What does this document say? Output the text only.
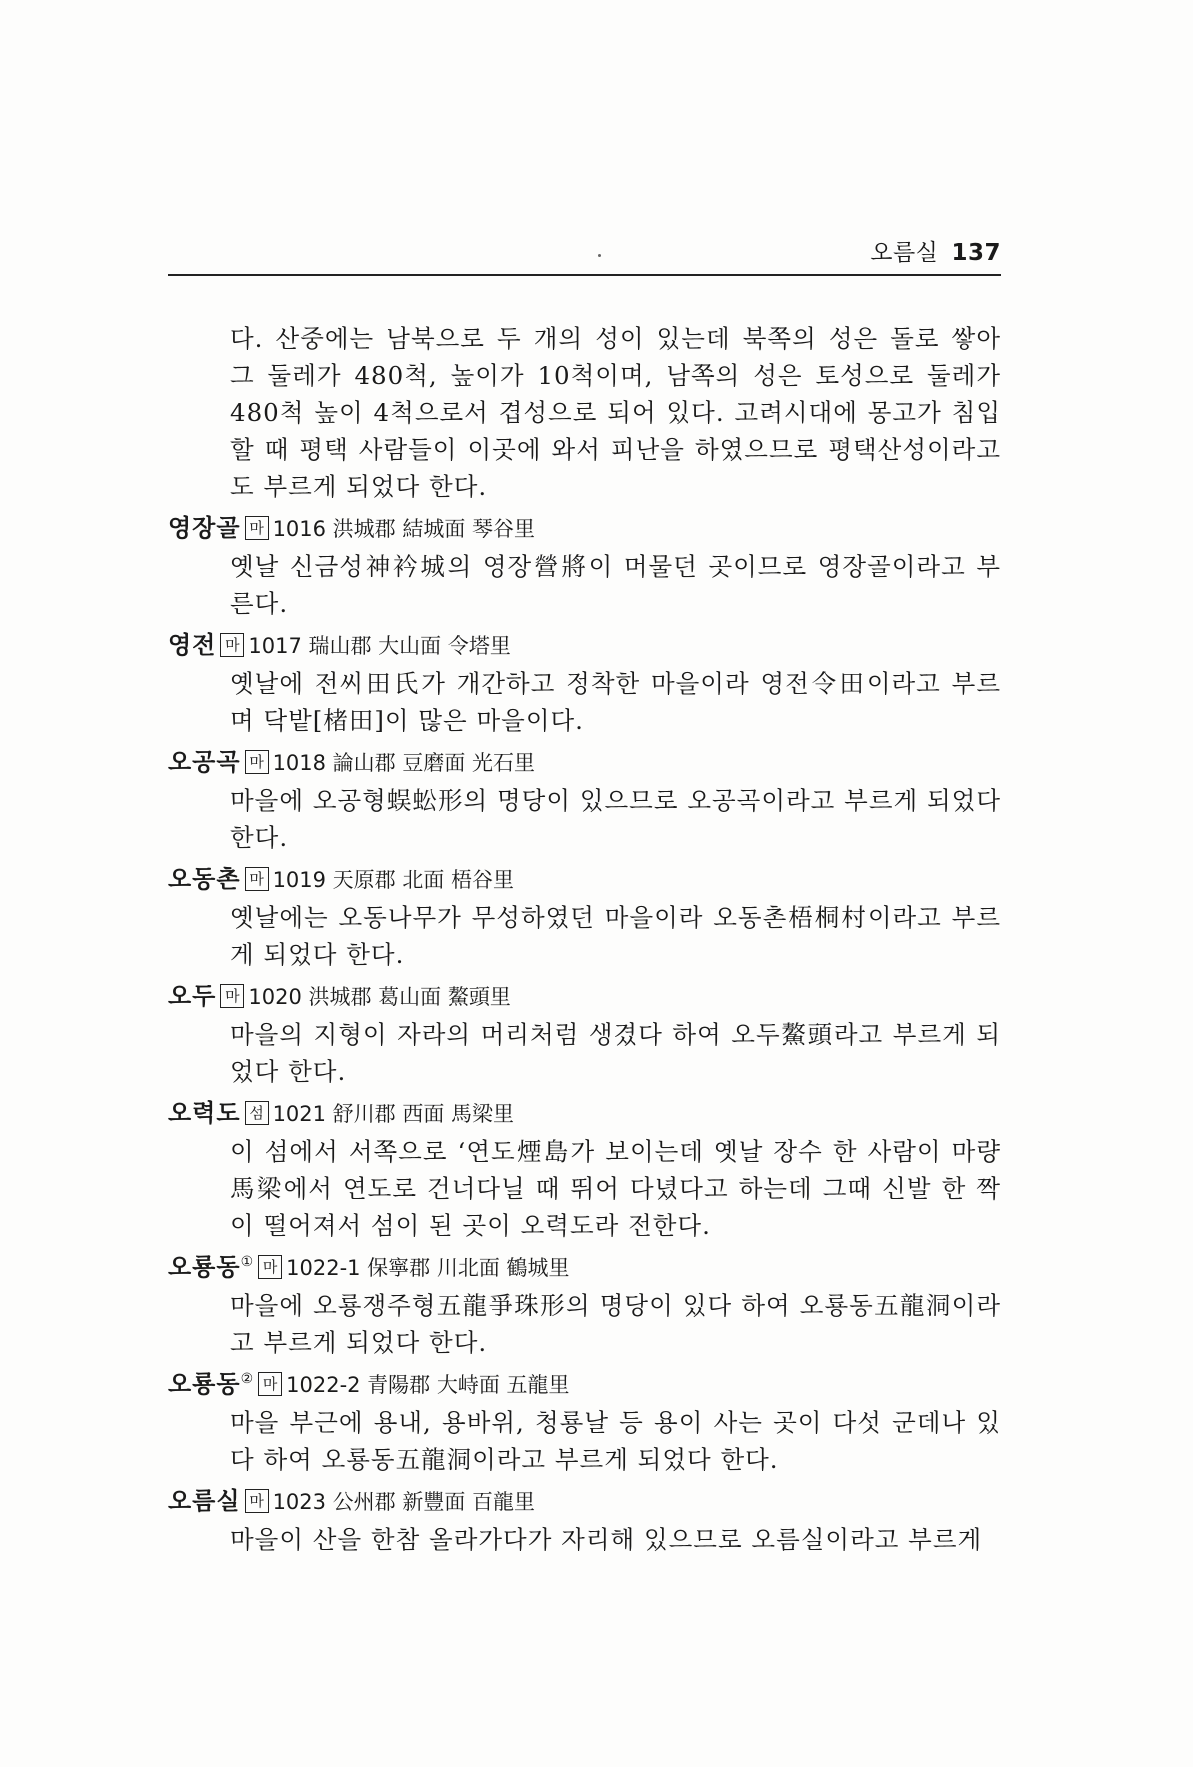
오름실 137
다. 산중에는 남북으로 두 개의 성이 있는데 북쪽의 성은 돌로 쌓아 그 둘레가 480척, 높이가 10척이며, 남쪽의 성은 토성으로 둘레가 480척 높이 4척으로서 겹성으로 되어 있다. 고려시대에 몽고가 침입할 때 평택 사람들이 이곳에 와서 피난을 하였으므로 평택산성이라고도 부르게 되었다 한다.
영장골 마 1016 洪城郡 結城面 琴谷里
옛날 신금성神衿城의 영장營將이 머물던 곳이므로 영장골이라고 부른다.
영전 마 1017 瑞山郡 大山面 令塔里
옛날에 전씨田氏가 개간하고 정착한 마을이라 영전令田이라고 부르며 닥밭[楮田]이 많은 마을이다.
오공곡 마 1018 論山郡 豆磨面 光石里
마을에 오공형蜈蚣形의 명당이 있으므로 오공곡이라고 부르게 되었다 한다.
오동촌 마 1019 天原郡 北面 梧谷里
옛날에는 오동나무가 무성하였던 마을이라 오동촌梧桐村이라고 부르게 되었다 한다.
오두 마 1020 洪城郡 葛山面 鰲頭里
마을의 지형이 자라의 머리처럼 생겼다 하여 오두鰲頭라고 부르게 되었다 한다.
오력도 섬 1021 舒川郡 西面 馬梁里
이 섬에서 서쪽으로 ‘연도煙島가 보이는데 옛날 장수 한 사람이 마량馬梁에서 연도로 건너다닐 때 뛰어 다녔다고 하는데 그때 신발 한 짝이 떨어져서 섬이 된 곳이 오력도라 전한다.
오룡동① 마 1022-1 保寧郡 川北面 鶴城里
마을에 오룡쟁주형五龍爭珠形의 명당이 있다 하여 오룡동五龍洞이라고 부르게 되었다 한다.
오룡동② 마 1022-2 青陽郡 大峙面 五龍里
마을 부근에 용내, 용바위, 청룡날 등 용이 사는 곳이 다섯 군데나 있다 하여 오룡동五龍洞이라고 부르게 되었다 한다.
오름실 마 1023 公州郡 新豐面 百龍里
마을이 산을 한참 올라가다가 자리해 있으므로 오름실이라고 부르게
